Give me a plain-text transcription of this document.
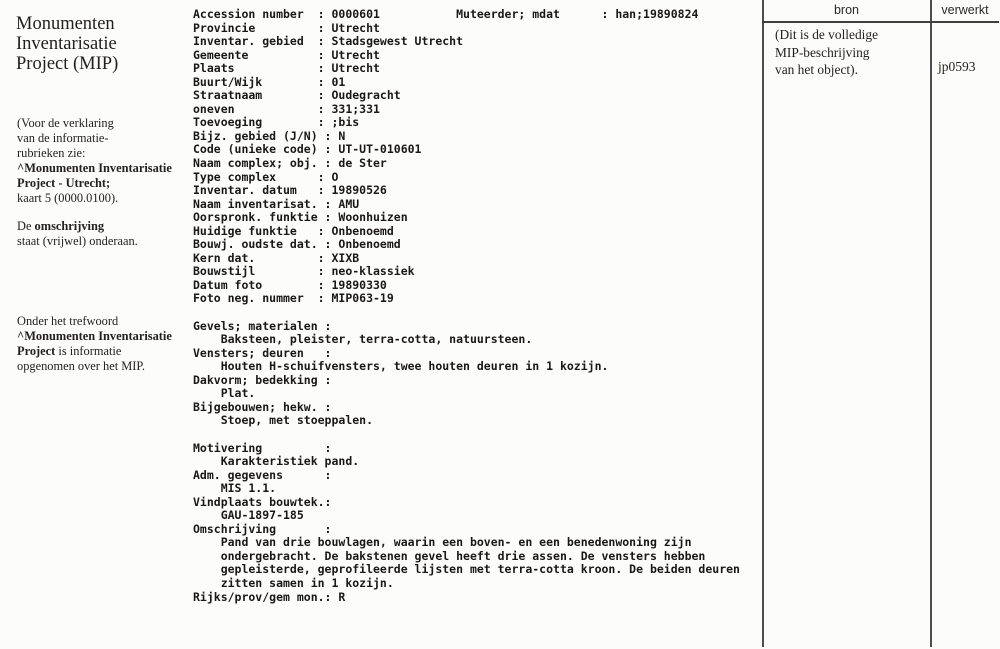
Monumenten
Inventarisatie
Project (MIP)
(Voor de verklaring
van de informatie-
rubrieken zie:
^Monumenten Inventarisatie
Project - Utrecht;
kaart 5 (0000.0100).
De omschrijving
staat (vrijwel) onderaan.
Onder het trefwoord
^Monumenten Inventarisatie
Project is informatie
opgenomen over het MIP.
Accession number  : 0000601           Muteerder; mdat      : han;19890824
Provincie         : Utrecht
Inventar. gebied  : Stadsgewest Utrecht
Gemeente          : Utrecht
Plaats            : Utrecht
Buurt/Wijk        : 01
Straatnaam        : Oudegracht
oneven            : 331;331
Toevoeging        : ;bis
Bijz. gebied (J/N) : N
Code (unieke code) : UT-UT-010601
Naam complex; obj. : de Ster
Type complex      : O
Inventar. datum   : 19890526
Naam inventarisat. : AMU
Oorspronk. funktie : Woonhuizen
Huidige funktie   : Onbenoemd
Bouwj. oudste dat. : Onbenoemd
Kern dat.         : XIXB
Bouwstijl         : neo-klassiek
Datum foto        : 19890330
Foto neg. nummer  : MIP063-19
Gevels; materialen :
Baksteen, pleister, terra-cotta, natuursteen.
Vensters; deuren   :
Houten H-schuifvensters, twee houten deuren in 1 kozijn.
Dakvorm; bedekking :
Plat.
Bijgebouwen; hekw. :
Stoep, met stoeppalen.
Motivering         :
Karakteristiek pand.
Adm. gegevens      :
MIS 1.1.
Vindplaats bouwtek.:
GAU-1897-185
Omschrijving       :
Pand van drie bouwlagen, waarin een boven- en een benedenwoning zijn
ondergebracht. De bakstenen gevel heeft drie assen. De vensters hebben
gepleisterde, geprofileerde lijsten met terra-cotta kroon. De beiden deuren
zitten samen in 1 kozijn.
Rijks/prov/gem mon.: R
bron	verwerkt
(Dit is de volledige
MIP-beschrijving
van het object).	jp0593
